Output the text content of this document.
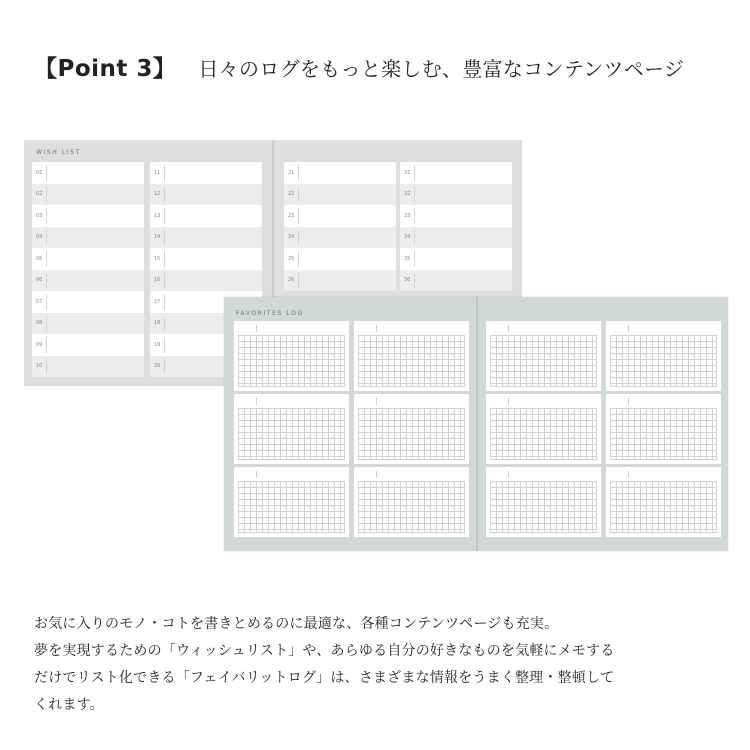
【Point 3】 日々のログをもっと楽しむ、豊富なコンテンツページ
WISH LIST
01
02
03
04
05
06
07
08
09
10
11
12
13
14
15
16
17
18
19
20
21
22
23
24
25
26
31
32
33
34
35
36
FAVORITES LOG

お気に入りのモノ・コトを書きとめるのに最適な、各種コンテンツページも充実。

夢を実現するための「ウィッシュリスト」や、あらゆる自分の好きなものを気軽にメモする

だけでリスト化できる「フェイバリットログ」は、さまざまな情報をうまく整理・整頓して

くれます。
